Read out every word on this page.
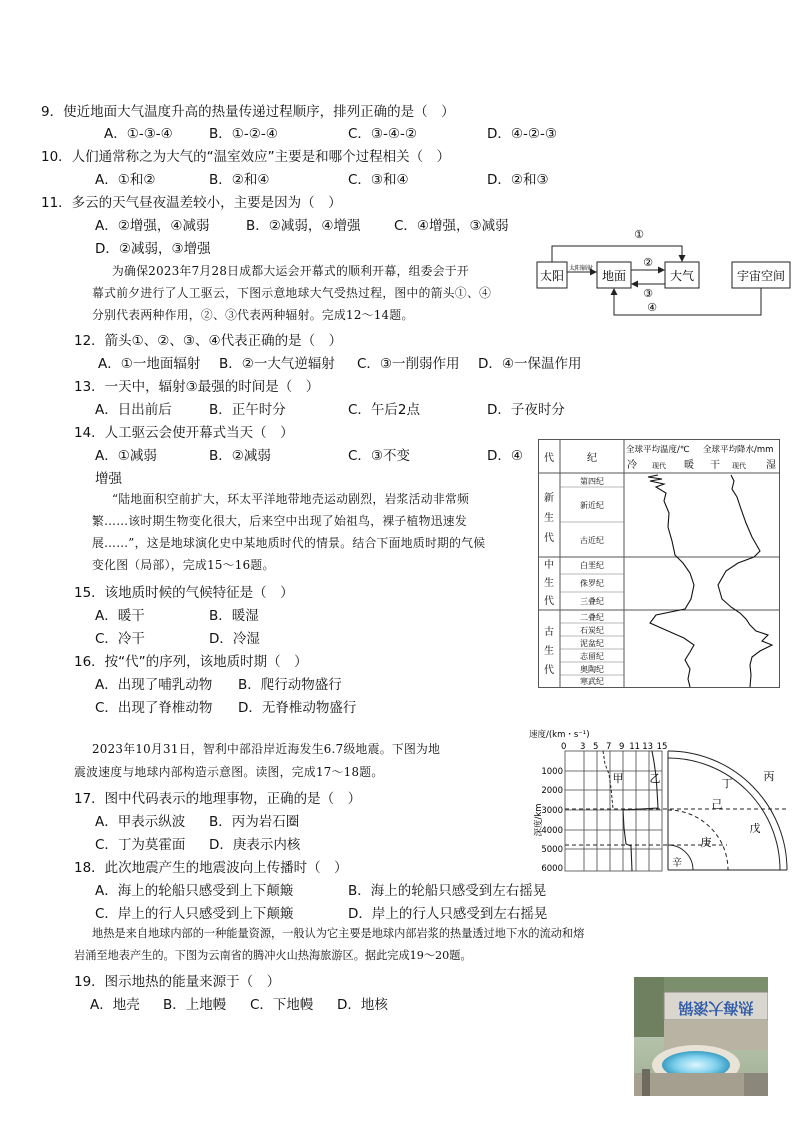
9．使近地面大气温度升高的热量传递过程顺序，排列正确的是（　）
A．①-③-④	B．①-②-④	C．③-④-②	D．④-②-③
10．人们通常称之为大气的“温室效应”主要是和哪个过程相关（　）
A．①和②	B．②和④	C．③和④	D．②和③
11．多云的天气昼夜温差较小，主要是因为（　）
A．②增强，④减弱	B．②减弱，④增强 C．④增强，③减弱
D．②减弱，③增强
为确保2023年7月28日成都大运会开幕式的顺利开幕，组委会于开
幕式前夕进行了人工驱云，下图示意地球大气受热过程，图中的箭头①、④
分别代表两种作用，②、③代表两种辐射。完成12～14题。
太阳	地面	大气	宇宙空间
太阳辐射
①
②
③
④
12．箭头①、②、③、④代表正确的是（　）
A．①一地面辐射 B．②一大气逆辐射 C．③一削弱作用 D．④一保温作用
13．一天中，辐射③最强的时间是（　）
A．日出前后	B．正午时分	C．午后2点	D．子夜时分
14．人工驱云会使开幕式当天（　）
A．①减弱	B．②减弱	C．③不变	D．④
增强
“陆地面积空前扩大，环太平洋地带地壳运动剧烈，岩浆活动非常频
繁……该时期生物变化很大，后来空中出现了始祖鸟，裸子植物迅速发
展……”，这是地球演化史中某地质时代的情景。结合下面地质时期的气候
变化图（局部），完成15～16题。
代	纪
全球平均温度/℃ 全球平均降水/mm
冷 现代 暖 干 现代 湿
新生代
中生代
古生代
第四纪
新近纪
古近纪
白垩纪
侏罗纪
三叠纪
二叠纪
石炭纪
泥盆纪
志留纪
奥陶纪
寒武纪
15．该地质时候的气候特征是（　）
A．暖干	B．暖湿
C．冷干	D．冷湿
16．按“代”的序列，该地质时期（　）
A．出现了哺乳动物 B．爬行动物盛行
C．出现了脊椎动物 D．无脊椎动物盛行
2023年10月31日，智利中部沿岸近海发生6.7级地震。下图为地
震波速度与地球内部构造示意图。读图，完成17～18题。
速度/(km・s⁻¹)
0 3 5 7 9 11 13 15
深度/km
1000
2000
3000
4000
5000
6000
甲 乙	丙
丁
己
戊
庚
辛
17．图中代码表示的地理事物，正确的是（　）
A．甲表示纵波 B．丙为岩石圈
C．丁为莫霍面 D．庚表示内核
18．此次地震产生的地震波向上传播时（　）
A．海上的轮船只感受到上下颠簸	B．海上的轮船只感受到左右摇晃
C．岸上的行人只感受到上下颠簸	D．岸上的行人只感受到左右摇晃
地热是来自地球内部的一种能量资源，一般认为它主要是地球内部岩浆的热量透过地下水的流动和熔
岩涌至地表产生的。下图为云南省的腾冲火山热海旅游区。据此完成19～20题。
19．图示地热的能量来源于（　）
A．地壳 B．上地幔 C．下地幔 D．地核	热海大滚锅
